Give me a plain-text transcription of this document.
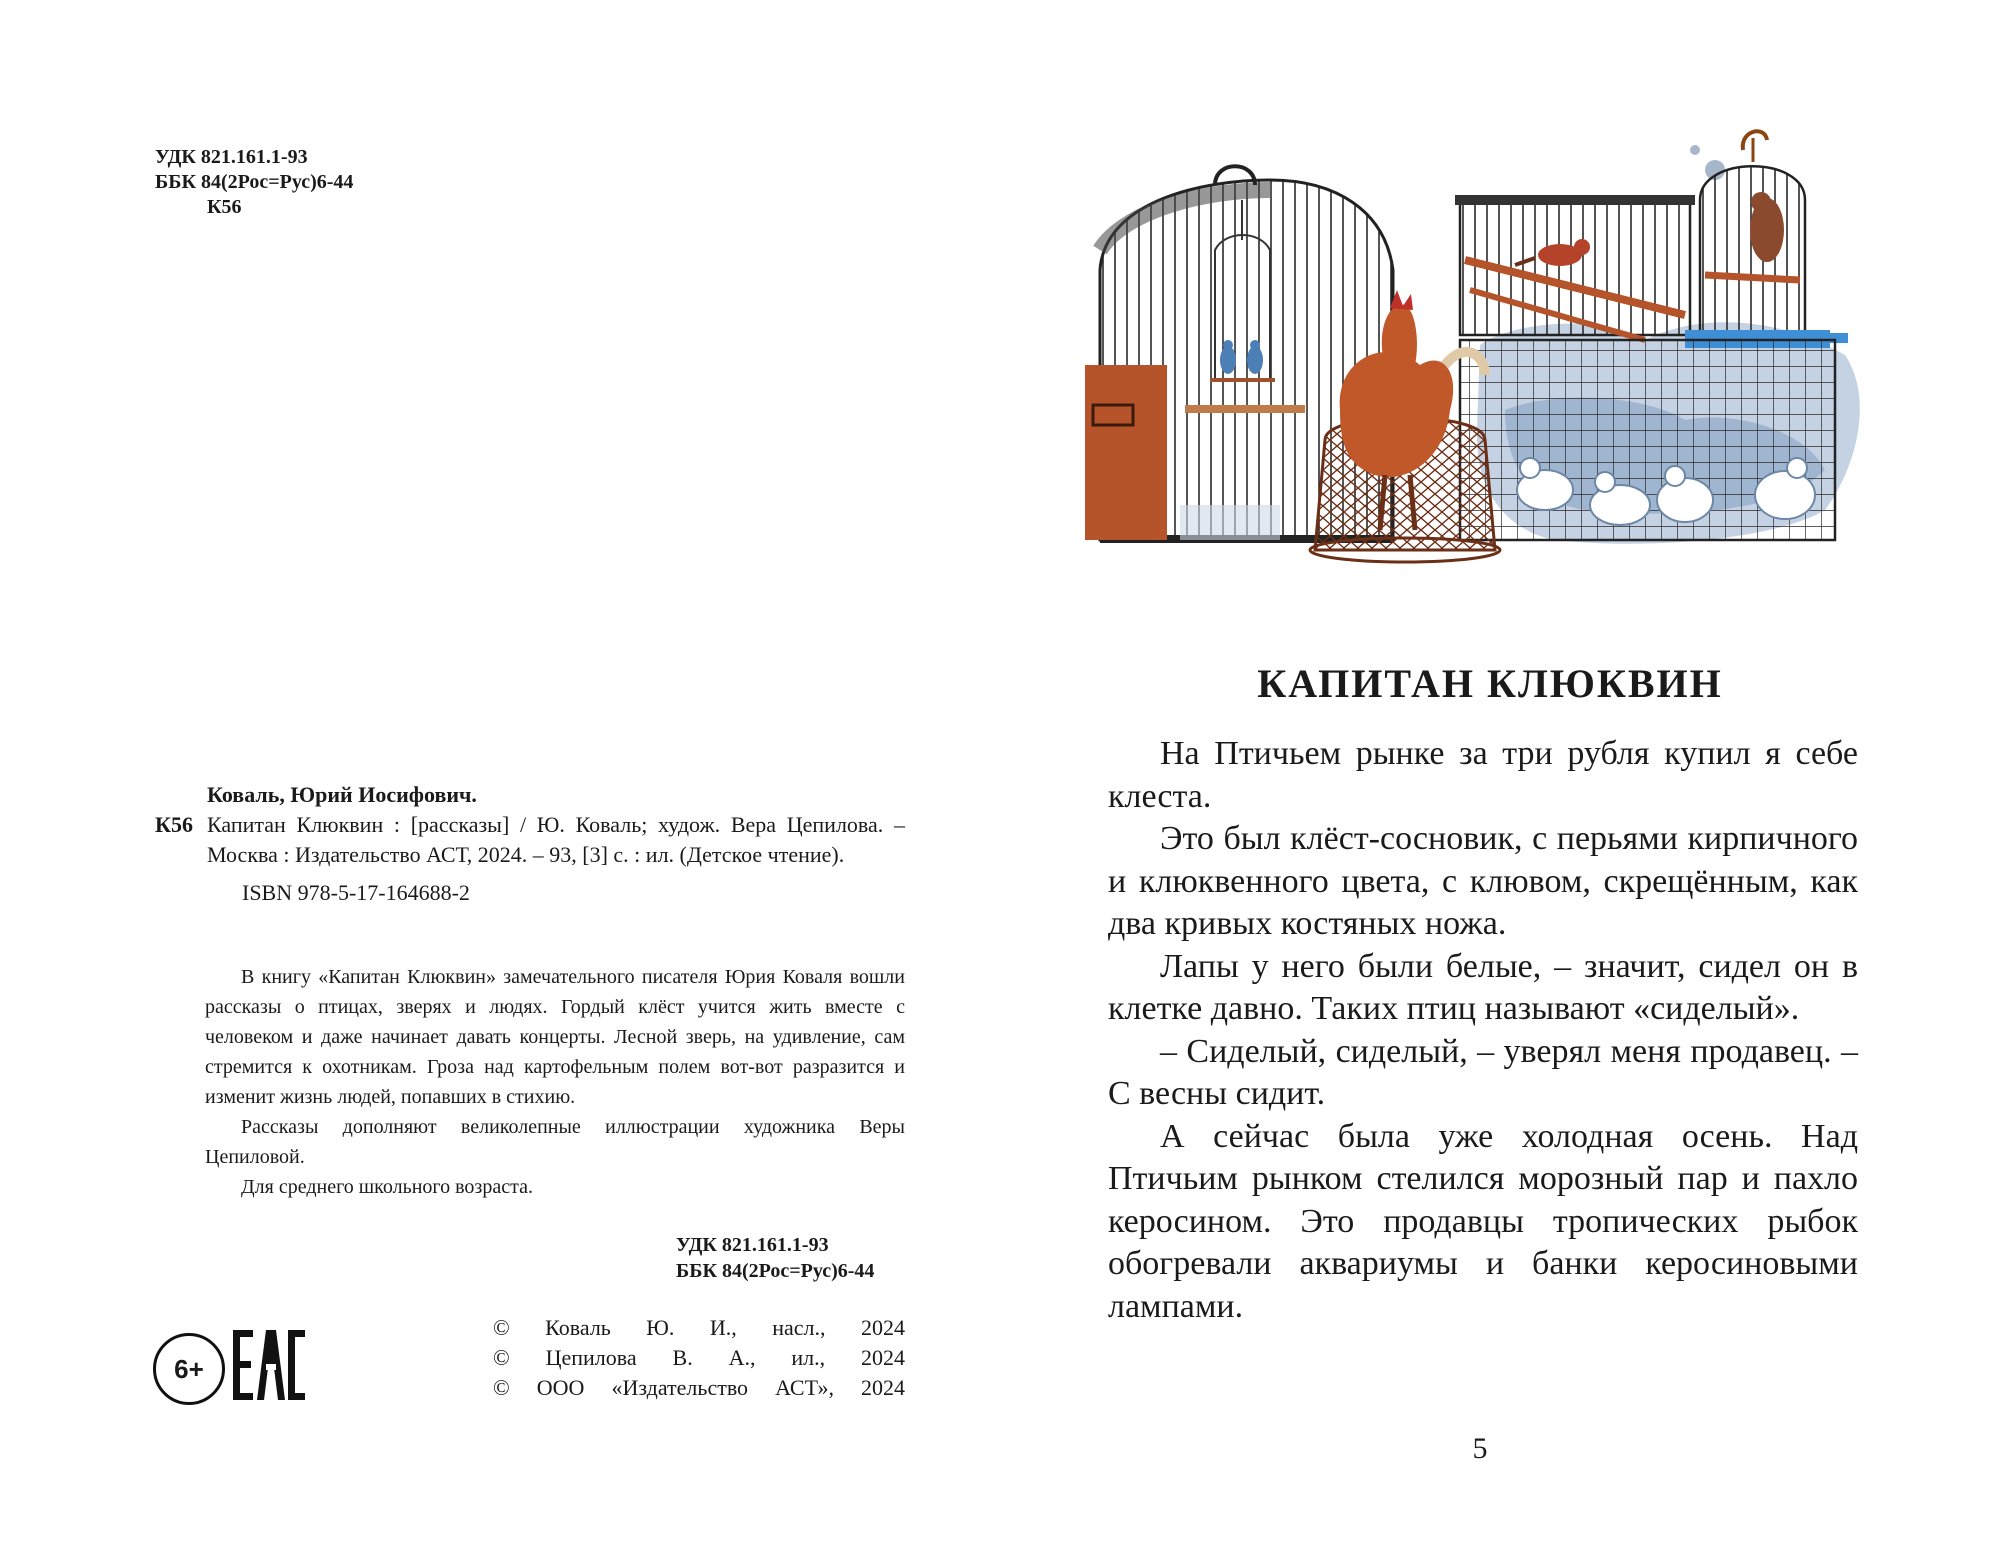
УДК 821.161.1-93
ББК 84(2Рос=Рус)6-44
К56
Коваль, Юрий Иосифович.
К56 Капитан Клюквин : [рассказы] / Ю. Коваль; худож. Вера Цепилова. – Москва : Издательство АСТ, 2024. – 93, [3] с. : ил. (Детское чтение).
ISBN 978-5-17-164688-2

В книгу «Капитан Клюквин» замечательного писателя Юрия Коваля вошли рассказы о птицах, зверях и людях. Гордый клёст учится жить вместе с человеком и даже начинает давать концерты. Лесной зверь, на удивление, сам стремится к охотникам. Гроза над картофельным полем вот-вот разразится и изменит жизнь людей, попавших в стихию.

Рассказы дополняют великолепные иллюстрации художника Веры Цепиловой.

Для среднего школьного возраста.

УДК 821.161.1-93
ББК 84(2Рос=Рус)6-44
6+
© Коваль Ю. И., насл., 2024
© Цепилова В. А., ил., 2024
© ООО «Издательство АСТ», 2024
КАПИТАН КЛЮКВИН

На Птичьем рынке за три рубля купил я себе клеста.

Это был клёст-сосновик, с перьями кирпичного и клюквенного цвета, с клювом, скрещённым, как два кривых костяных ножа.

Лапы у него были белые, – значит, сидел он в клетке давно. Таких птиц называют «сиделый».

– Сиделый, сиделый, – уверял меня продавец. – С весны сидит.

А сейчас была уже холодная осень. Над Птичьим рынком стелился морозный пар и пахло керосином. Это продавцы тропических рыбок обогревали аквариумы и банки керосиновыми лампами.

5
